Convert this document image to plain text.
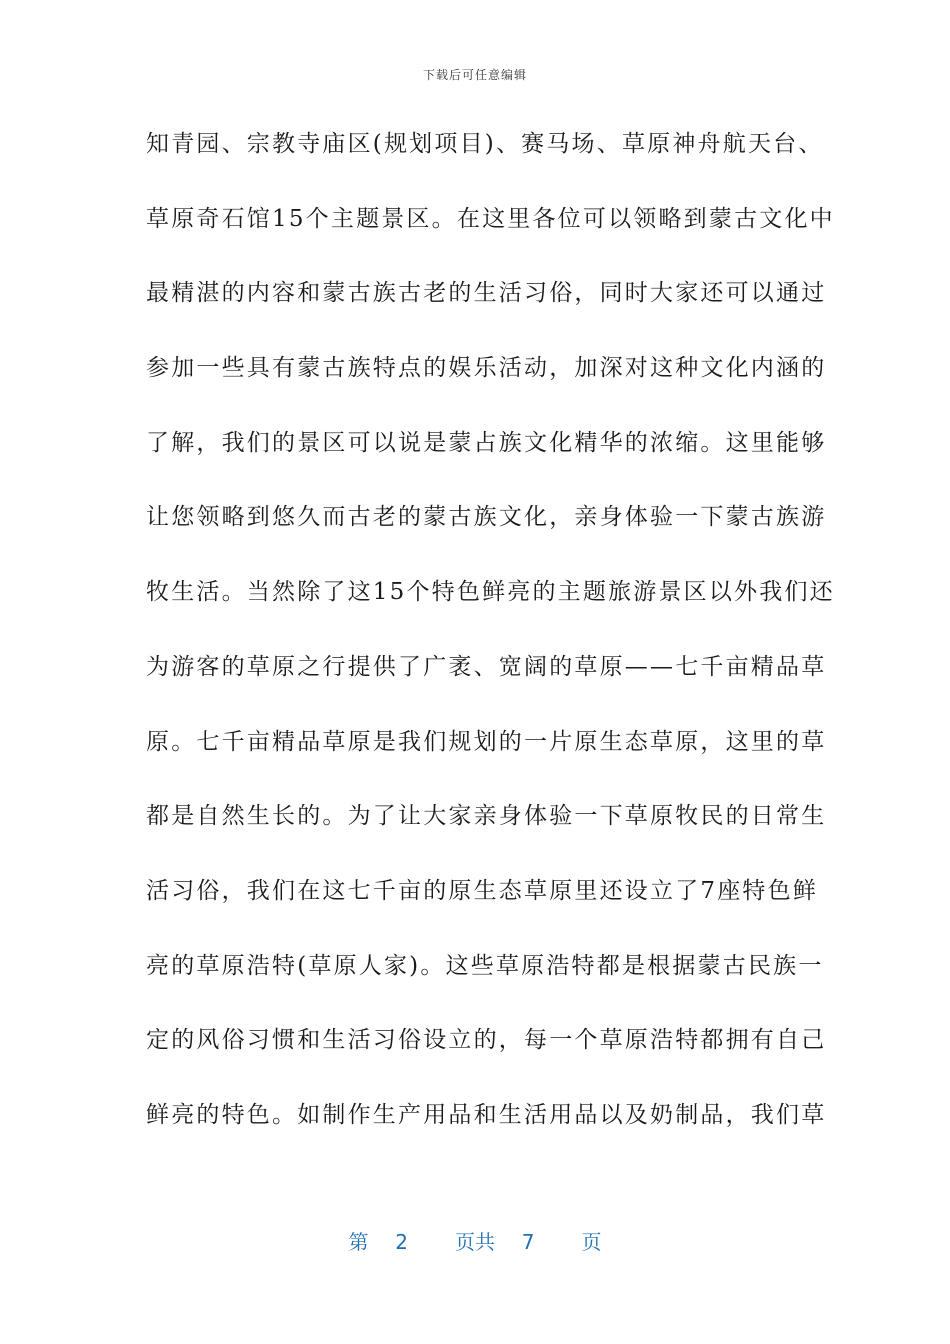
下载后可任意编辑
知青园、宗教寺庙区(规划项目)、赛马场、草原神舟航天台、
草原奇石馆15个主题景区。在这里各位可以领略到蒙古文化中
最精湛的内容和蒙古族古老的生活习俗，同时大家还可以通过
参加一些具有蒙古族特点的娱乐活动，加深对这种文化内涵的
了解，我们的景区可以说是蒙占族文化精华的浓缩。这里能够
让您领略到悠久而古老的蒙古族文化，亲身体验一下蒙古族游
牧生活。当然除了这15个特色鲜亮的主题旅游景区以外我们还
为游客的草原之行提供了广袤、宽阔的草原——七千亩精品草
原。七千亩精品草原是我们规划的一片原生态草原，这里的草
都是自然生长的。为了让大家亲身体验一下草原牧民的日常生
活习俗，我们在这七千亩的原生态草原里还设立了7座特色鲜
亮的草原浩特(草原人家)。这些草原浩特都是根据蒙古民族一
定的风俗习惯和生活习俗设立的，每一个草原浩特都拥有自己
鲜亮的特色。如制作生产用品和生活用品以及奶制品，我们草
第 2 页共 7 页
